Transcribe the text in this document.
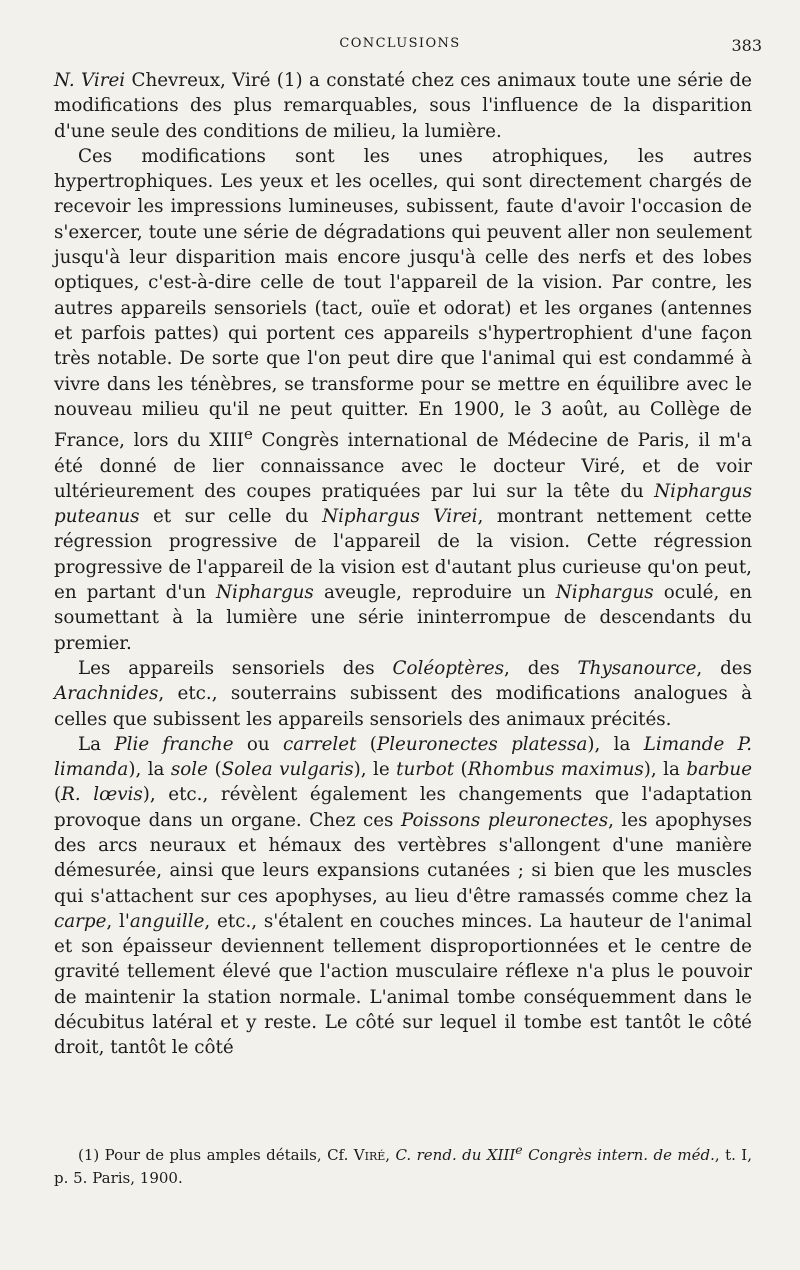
CONCLUSIONS	383

N. Virei Chevreux, Viré (1) a constaté chez ces animaux toute une série de modifications des plus remarquables, sous l'influence de la disparition d'une seule des conditions de milieu, la lumière.

Ces modifications sont les unes atrophiques, les autres hypertrophiques. Les yeux et les ocelles, qui sont directement chargés de recevoir les impressions lumineuses, subissent, faute d'avoir l'occasion de s'exercer, toute une série de dégradations qui peuvent aller non seulement jusqu'à leur disparition mais encore jusqu'à celle des nerfs et des lobes optiques, c'est-à-dire celle de tout l'appareil de la vision. Par contre, les autres appareils sensoriels (tact, ouïe et odorat) et les organes (antennes et parfois pattes) qui portent ces appareils s'hypertrophient d'une façon très notable. De sorte que l'on peut dire que l'animal qui est condammé à vivre dans les ténèbres, se transforme pour se mettre en équilibre avec le nouveau milieu qu'il ne peut quitter. En 1900, le 3 août, au Collège de France, lors du XIIIe Congrès international de Médecine de Paris, il m'a été donné de lier connaissance avec le docteur Viré, et de voir ultérieurement des coupes pratiquées par lui sur la tête du Niphargus puteanus et sur celle du Niphargus Virei, montrant nettement cette régression progressive de l'appareil de la vision. Cette régression progressive de l'appareil de la vision est d'autant plus curieuse qu'on peut, en partant d'un Niphargus aveugle, reproduire un Niphargus oculé, en soumettant à la lumière une série ininterrompue de descendants du premier.

Les appareils sensoriels des Coléoptères, des Thysanource, des Arachnides, etc., souterrains subissent des modifications analogues à celles que subissent les appareils sensoriels des animaux précités.

La Plie franche ou carrelet (Pleuronectes platessa), la Limande P. limanda), la sole (Solea vulgaris), le turbot (Rhombus maximus), la barbue (R. lœvis), etc., révèlent également les changements que l'adaptation provoque dans un organe. Chez ces Poissons pleuronectes, les apophyses des arcs neuraux et hémaux des vertèbres s'allongent d'une manière démesurée, ainsi que leurs expansions cutanées ; si bien que les muscles qui s'attachent sur ces apophyses, au lieu d'être ramassés comme chez la carpe, l'anguille, etc., s'étalent en couches minces. La hauteur de l'animal et son épaisseur deviennent tellement disproportionnées et le centre de gravité tellement élevé que l'action musculaire réflexe n'a plus le pouvoir de maintenir la station normale. L'animal tombe conséquemment dans le décubitus latéral et y reste. Le côté sur lequel il tombe est tantôt le côté droit, tantôt le côté

(1) Pour de plus amples détails, Cf. Viré, C. rend. du XIIIe Congrès intern. de méd., t. I, p. 5. Paris, 1900.
